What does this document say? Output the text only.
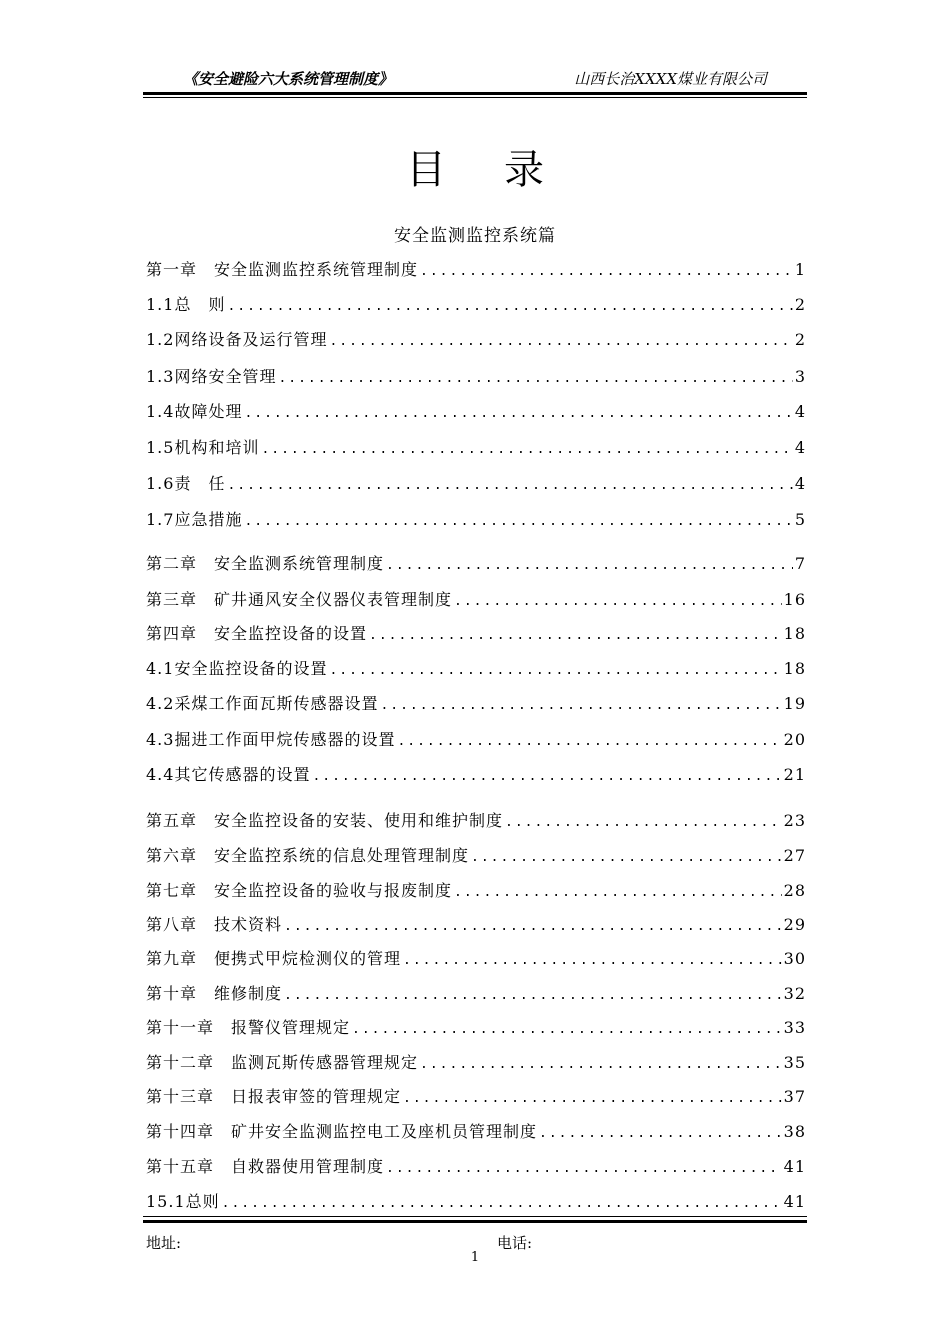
《安全避险六大系统管理制度》	山西长治XXXX煤业有限公司
目录
安全监测监控系统篇
第一章　安全监测监控系统管理制度 .....	1
1.1总　则 .....	2
1.2网络设备及运行管理 .....	2
1.3网络安全管理 .....	3
1.4故障处理 .....	4
1.5机构和培训 .....	4
1.6责　任 .....	4
1.7应急措施 .....	5
第二章　安全监测系统管理制度 .....	7
第三章　矿井通风安全仪器仪表管理制度 .....	16
第四章　安全监控设备的设置 .....	18
4.1安全监控设备的设置 .....	18
4.2采煤工作面瓦斯传感器设置 .....	19
4.3掘进工作面甲烷传感器的设置 .....	20
4.4其它传感器的设置 .....	21
第五章　安全监控设备的安装、使用和维护制度 .....	23
第六章　安全监控系统的信息处理管理制度 .....	27
第七章　安全监控设备的验收与报废制度 .....	28
第八章　技术资料 .....	29
第九章　便携式甲烷检测仪的管理 .....	30
第十章　维修制度 .....	32
第十一章　报警仪管理规定 .....	33
第十二章　监测瓦斯传感器管理规定 .....	35
第十三章　日报表审签的管理规定 .....	37
第十四章　矿井安全监测监控电工及座机员管理制度 .....	38
第十五章　自救器使用管理制度 .....	41
15.1总则 .....	41
地址:	电话:
1
